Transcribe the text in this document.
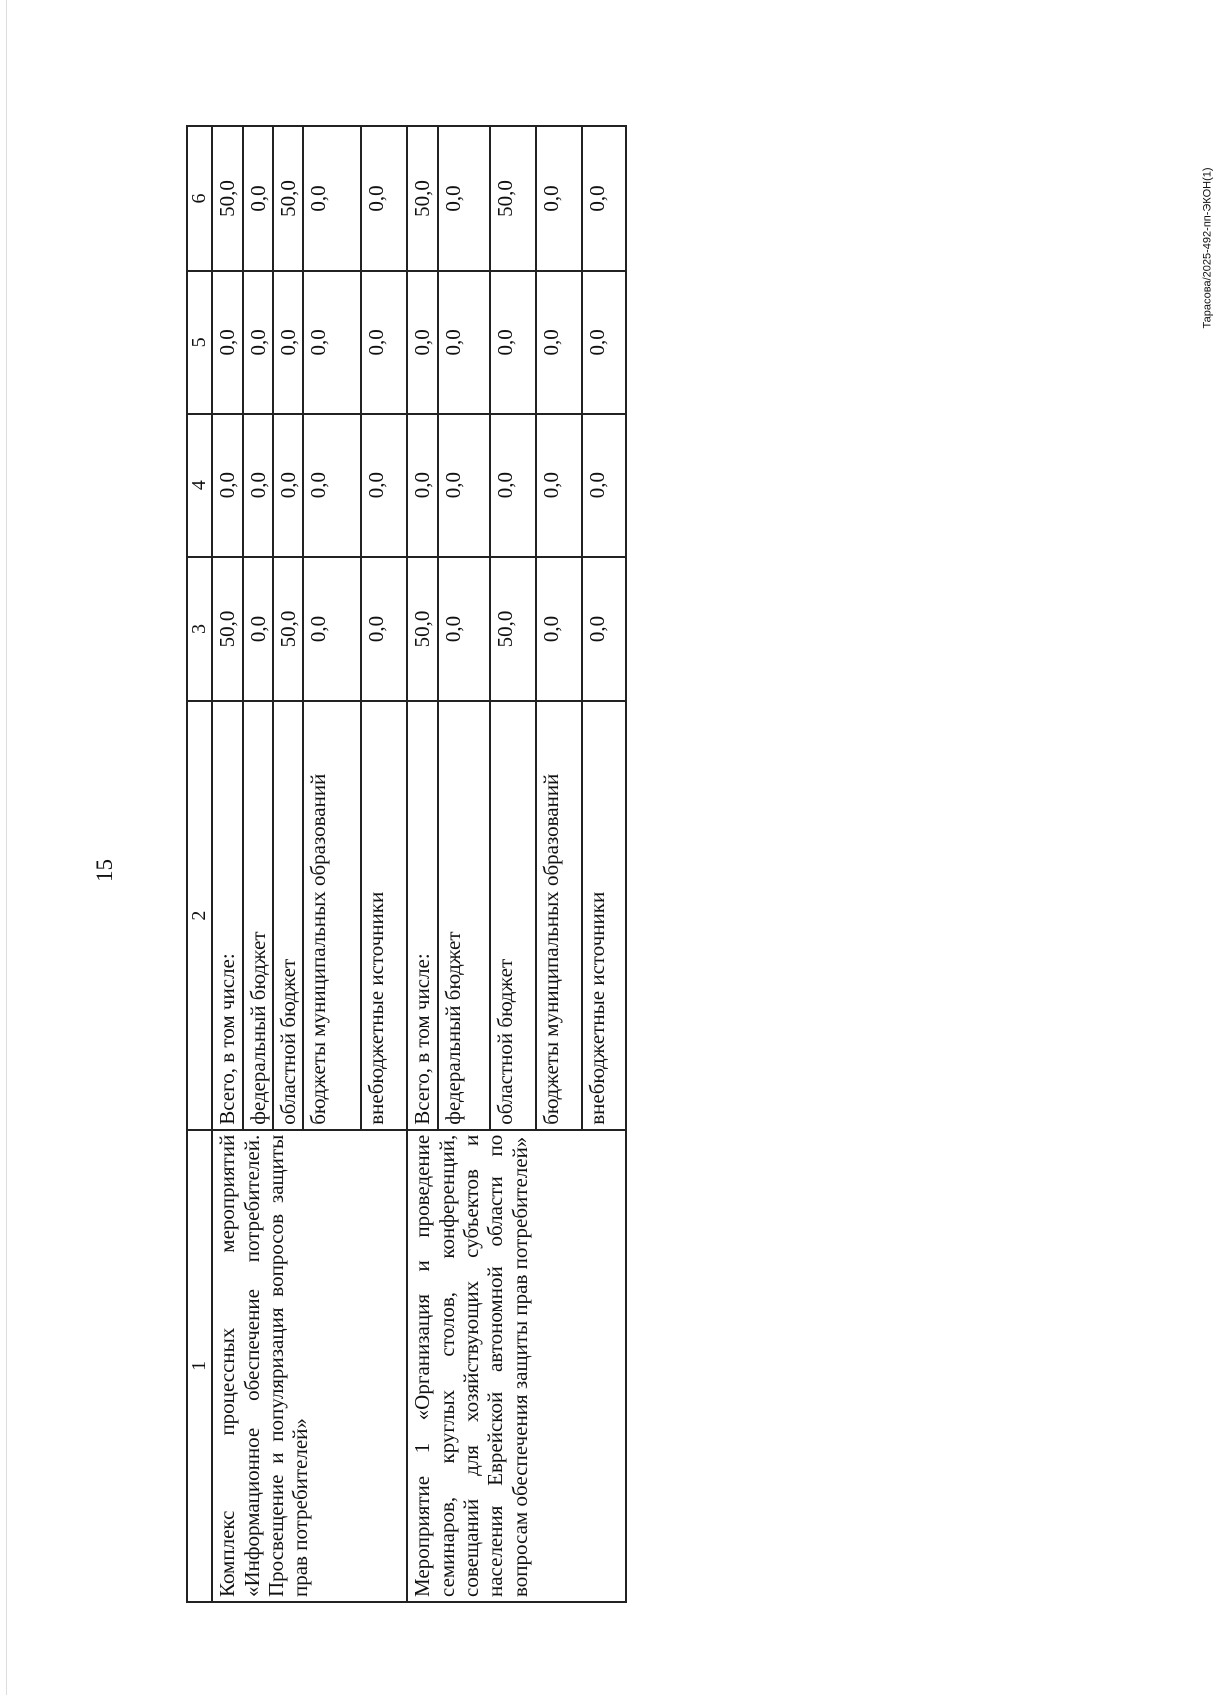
15
Тарасова/2025-492-пп-ЭКОН(1)
1	2	3	4	5	6
Комплекс процессных мероприятий «Информационное обеспечение потребителей. Просвещение и популяризация вопросов защиты прав потребителей»	Всего, в том числе:	50,0	0,0	0,0	50,0
	федеральный бюджет	0,0	0,0	0,0	0,0
	областной бюджет	50,0	0,0	0,0	50,0
	бюджеты муниципальных образований	0,0	0,0	0,0	0,0
	внебюджетные источники	0,0	0,0	0,0	0,0
Мероприятие 1 «Организация и проведение семинаров, круглых столов, конференций, совещаний для хозяйствующих субъектов и населения Еврейской автономной области по вопросам обеспечения защиты прав потребителей»	Всего, в том числе:	50,0	0,0	0,0	50,0
	федеральный бюджет	0,0	0,0	0,0	0,0
	областной бюджет	50,0	0,0	0,0	50,0
	бюджеты муниципальных образований	0,0	0,0	0,0	0,0
	внебюджетные источники	0,0	0,0	0,0	0,0
